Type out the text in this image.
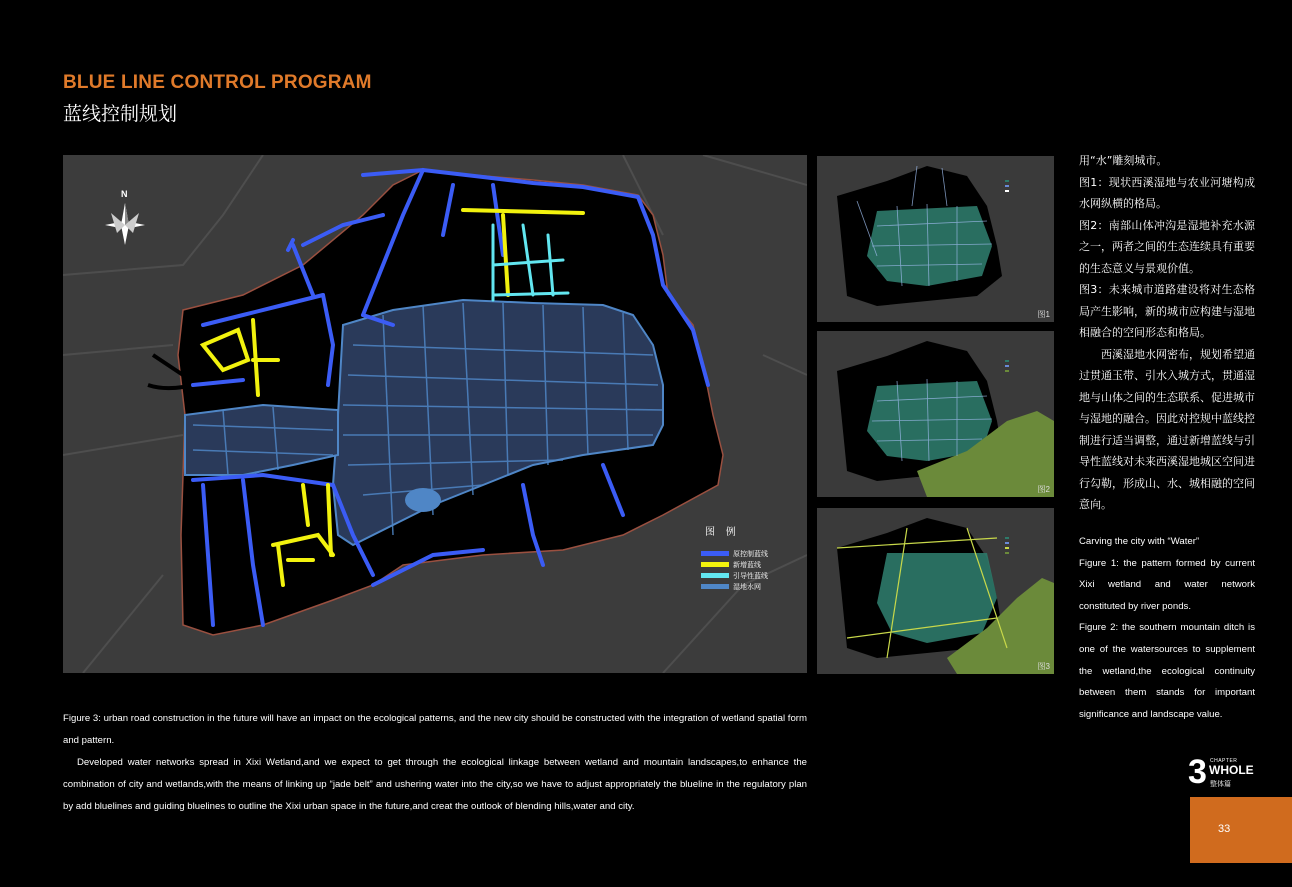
BLUE LINE CONTROL PROGRAM
蓝线控制规划
N
图 例
原控制蓝线
新增蓝线
引导性蓝线
湿地水网
图1
图2
图3

用“水”雕刻城市。

图1：现状西溪湿地与农业河塘构成水网纵横的格局。

图2：南部山体冲沟是湿地补充水源之一，两者之间的生态连续具有重要的生态意义与景观价值。

图3：未来城市道路建设将对生态格局产生影响，新的城市应构建与湿地相融合的空间形态和格局。

　　西溪湿地水网密布，规划希望通过贯通玉带、引水入城方式，贯通湿地与山体之间的生态联系、促进城市与湿地的融合。因此对控规中蓝线控制进行适当调整，通过新增蓝线与引导性蓝线对未来西溪湿地城区空间进行勾勒，形成山、水、城相融的空间意向。

Carving the city with “Water”

Figure 1: the pattern formed by current Xixi wetland and water network constituted by river ponds.

Figure 2: the southern mountain ditch is one of the watersources to supplement the wetland,the ecological continuity between them stands for important significance and landscape value.

Figure 3: urban road construction in the future will have an impact on the ecological patterns, and the new city should be constructed with the integration of wetland spatial form and pattern.

Developed water networks spread in Xixi Wetland,and we expect to get through the ecological linkage between wetland and mountain landscapes,to enhance the combination of city and wetlands,with the means of linking up “jade belt” and ushering water into the city,so we have to adjust appropriately the blueline in the regulatory plan by add bluelines and guiding bluelines to outline the Xixi urban space in the future,and creat the outlook of blending hills,water and city.

3 CHAPTER
WHOLE
整体篇
33
